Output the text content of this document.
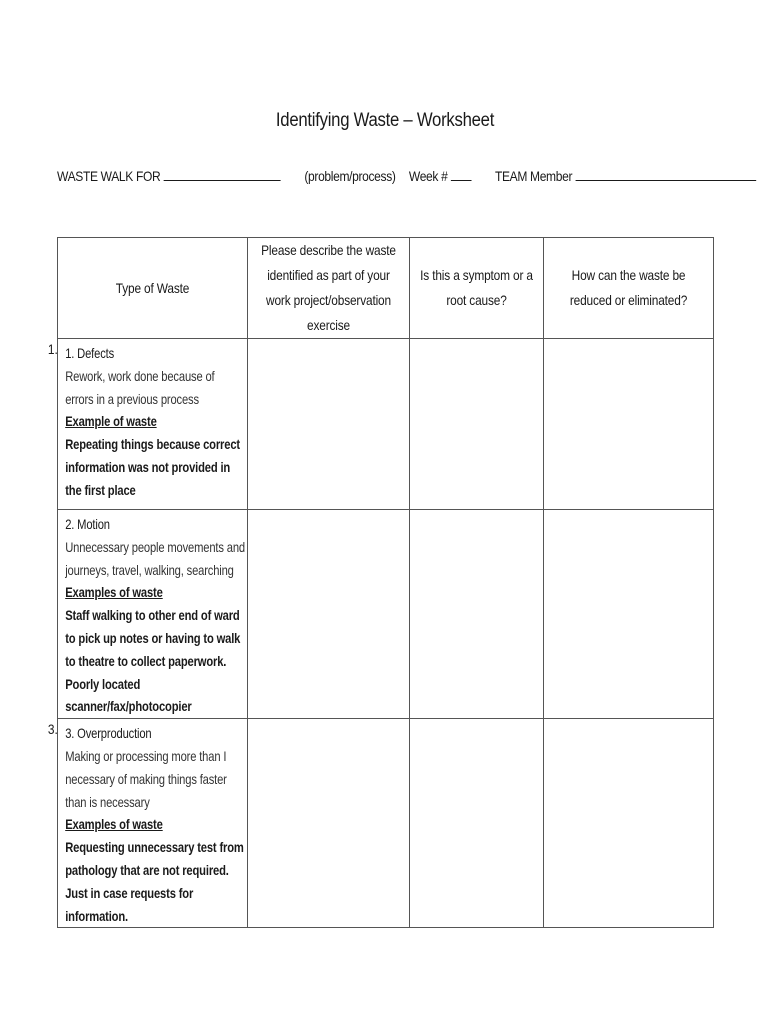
Identifying Waste – Worksheet
WASTE WALK FOR	(problem/process) Week #	TEAM Member
Type of Waste	Please describe the waste identified as part of your work project/observation exercise	Is this a symptom or a root cause?	How can the waste be reduced or eliminated?

1. 1. Defects
Rework, work done because of errors in a previous process
Example of waste
Repeating things because correct information was not provided in the first place			

2. Motion
Unnecessary people movements and journeys, travel, walking, searching
Examples of waste
Staff walking to other end of ward to pick up notes or having to walk to theatre to collect paperwork. Poorly located scanner/fax/photocopier			

3. 3. Overproduction
Making or processing more than I necessary of making things faster than is necessary
Examples of waste
Requesting unnecessary test from pathology that are not required. Just in case requests for information.			
